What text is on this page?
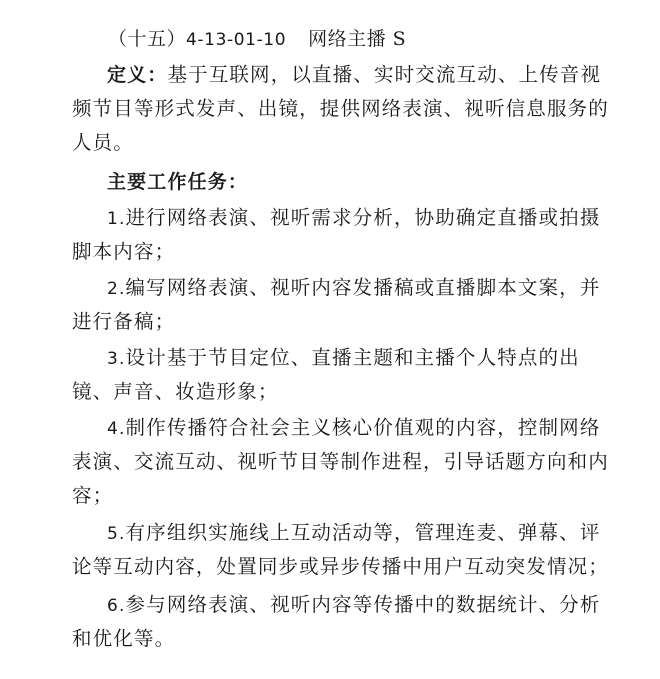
（十五）4-13-01-10 网络主播 S
定义：基于互联网，以直播、实时交流互动、上传音视
频节目等形式发声、出镜，提供网络表演、视听信息服务的
人员。
主要工作任务：
1.进行网络表演、视听需求分析，协助确定直播或拍摄
脚本内容；
2.编写网络表演、视听内容发播稿或直播脚本文案，并
进行备稿；
3.设计基于节目定位、直播主题和主播个人特点的出
镜、声音、妆造形象；
4.制作传播符合社会主义核心价值观的内容，控制网络
表演、交流互动、视听节目等制作进程，引导话题方向和内
容；
5.有序组织实施线上互动活动等，管理连麦、弹幕、评
论等互动内容，处置同步或异步传播中用户互动突发情况；
6.参与网络表演、视听内容等传播中的数据统计、分析
和优化等。
